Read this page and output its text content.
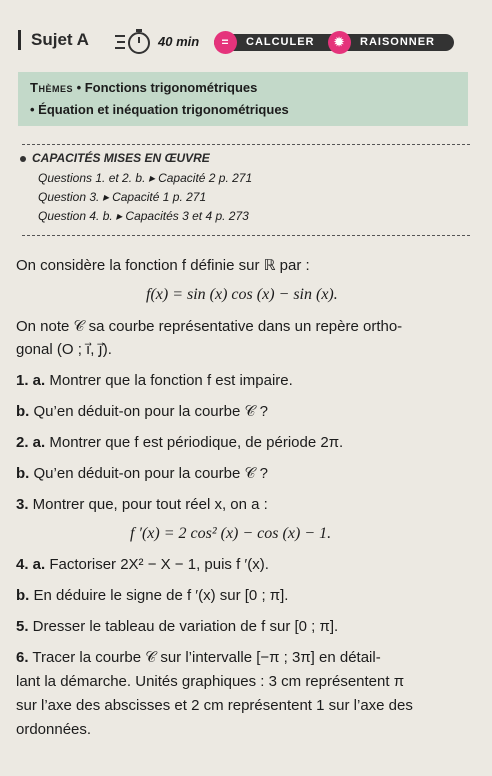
Sujet A	40 min	=	CALCULER	✹	RAISONNER
Thèmes • Fonctions trigonométriques
• Équation et inéquation trigonométriques
CAPACITÉS MISES EN ŒUVRE
Questions 1. et 2. b. ▸ Capacité 2 p. 271
Question 3. ▸ Capacité 1 p. 271
Question 4. b. ▸ Capacités 3 et 4 p. 273
On considère la fonction f définie sur ℝ par :
f(x) = sin (x) cos (x) − sin (x).
On note 𝒞 sa courbe représentative dans un repère ortho-
gonal (O ; i⃗, j⃗).
1. a. Montrer que la fonction f est impaire.
b. Qu’en déduit-on pour la courbe 𝒞 ?
2. a. Montrer que f est périodique, de période 2π.
b. Qu’en déduit-on pour la courbe 𝒞 ?
3. Montrer que, pour tout réel x, on a :
f ′(x) = 2 cos² (x) − cos (x) − 1.
4. a. Factoriser 2X² − X − 1, puis f ′(x).
b. En déduire le signe de f ′(x) sur [0 ; π].
5. Dresser le tableau de variation de f sur [0 ; π].
6. Tracer la courbe 𝒞 sur l’intervalle [−π ; 3π] en détail-
lant la démarche. Unités graphiques : 3 cm représentent π
sur l’axe des abscisses et 2 cm représentent 1 sur l’axe des
ordonnées.
